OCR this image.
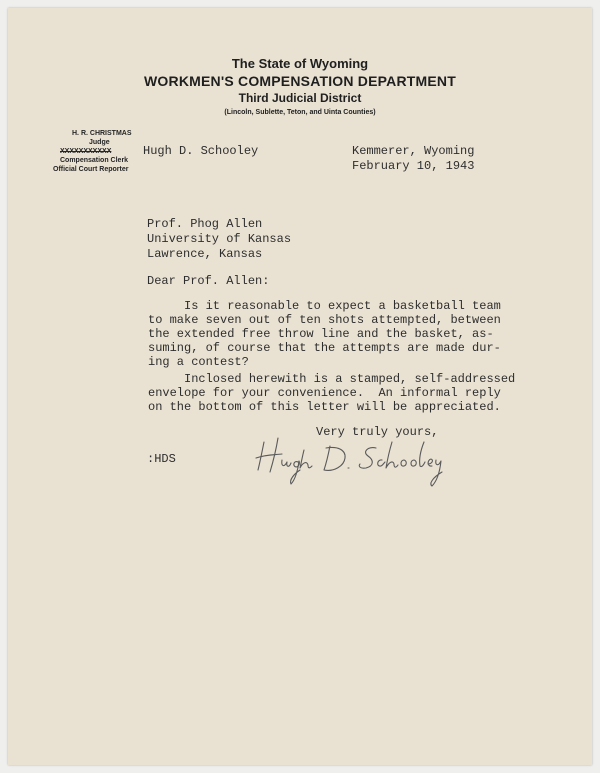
The State of Wyoming
WORKMEN'S COMPENSATION DEPARTMENT
Third Judicial District
(Lincoln, Sublette, Teton, and Uinta Counties)
H. R. CHRISTMAS
Judge
XXXXXXXXXXX
Compensation Clerk
Official Court Reporter
Hugh D. Schooley	Kemmerer, Wyoming
February 10, 1943
Prof. Phog Allen
University of Kansas
Lawrence, Kansas
Dear Prof. Allen:
Is it reasonable to expect a basketball team
to make seven out of ten shots attempted, between
the extended free throw line and the basket, as-
suming, of course that the attempts are made dur-
ing a contest?
Inclosed herewith is a stamped, self-addressed
envelope for your convenience.  An informal reply
on the bottom of this letter will be appreciated.
Very truly yours,
:HDS
